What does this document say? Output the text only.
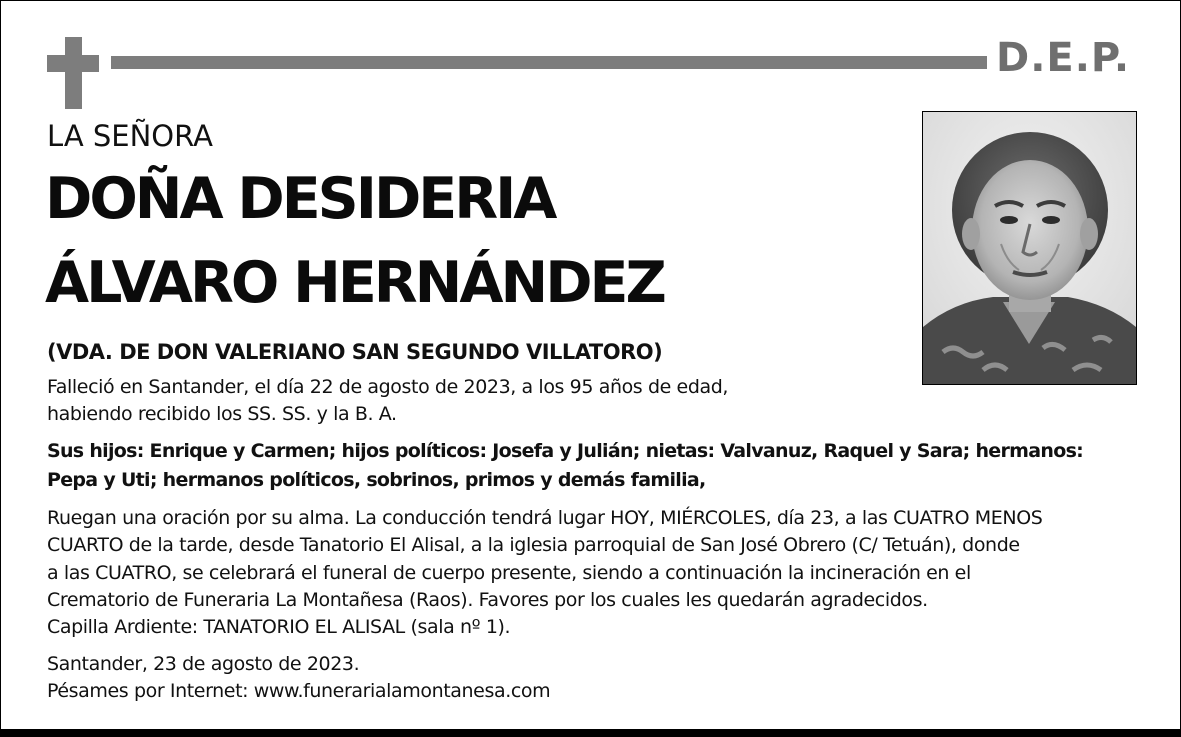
D.E.P.
LA SEÑORA
DOÑA DESIDERIA
ÁLVARO HERNÁNDEZ
(VDA. DE DON VALERIANO SAN SEGUNDO VILLATORO)
Falleció en Santander, el día 22 de agosto de 2023, a los 95 años de edad,
habiendo recibido los SS. SS. y la B. A.
Sus hijos: Enrique y Carmen; hijos políticos: Josefa y Julián; nietas: Valvanuz, Raquel y Sara; hermanos:
Pepa y Uti; hermanos políticos, sobrinos, primos y demás familia,
Ruegan una oración por su alma. La conducción tendrá lugar HOY, MIÉRCOLES, día 23, a las CUATRO MENOS
CUARTO de la tarde, desde Tanatorio El Alisal, a la iglesia parroquial de San José Obrero (C/ Tetuán), donde
a las CUATRO, se celebrará el funeral de cuerpo presente, siendo a continuación la incineración en el
Crematorio de Funeraria La Montañesa (Raos). Favores por los cuales les quedarán agradecidos.
Capilla Ardiente: TANATORIO EL ALISAL (sala nº 1).
Santander, 23 de agosto de 2023.
Pésames por Internet: www.funerarialamontanesa.com
